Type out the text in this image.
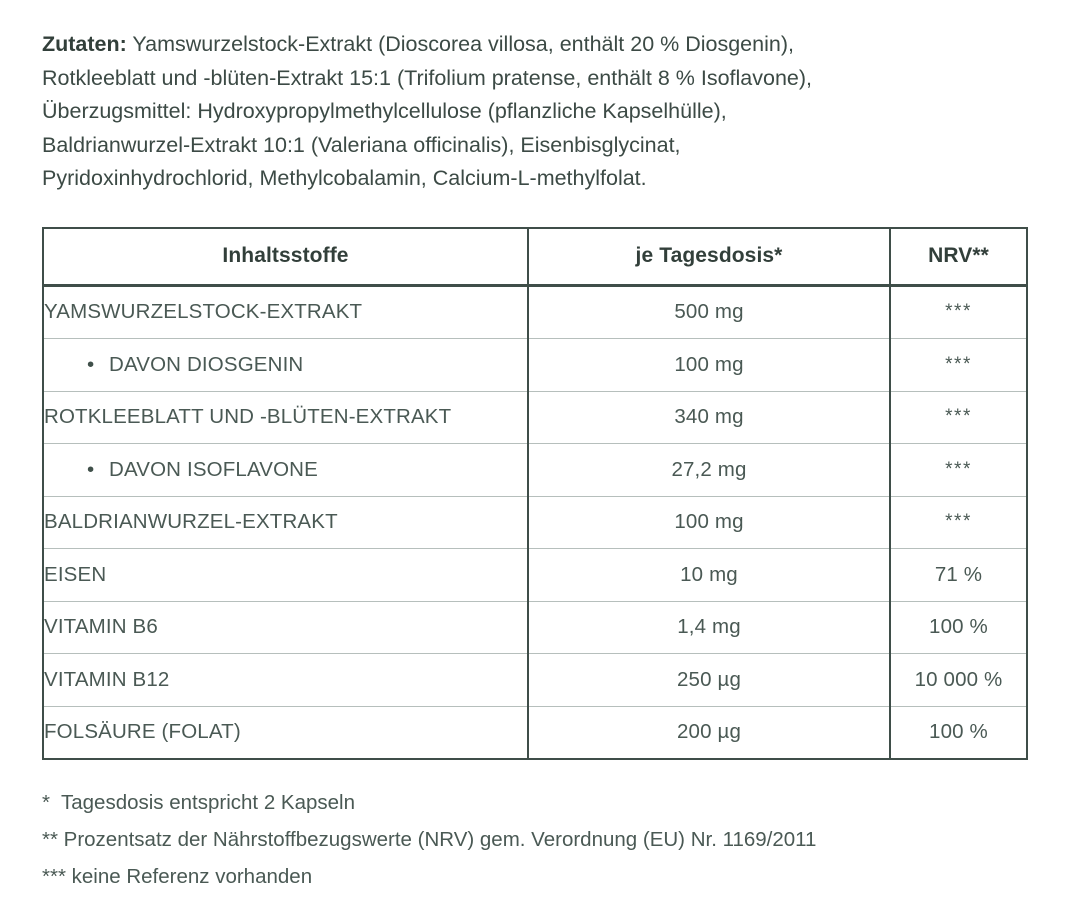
Zutaten: Yamswurzelstock-Extrakt (Dioscorea villosa, enthält 20 % Diosgenin),
Rotkleeblatt und -blüten-Extrakt 15:1 (Trifolium pratense, enthält 8 % Isoflavone),
Überzugsmittel: Hydroxypropylmethylcellulose (pflanzliche Kapselhülle),
Baldrianwurzel-Extrakt 10:1 (Valeriana officinalis), Eisenbisglycinat,
Pyridoxinhydrochlorid, Methylcobalamin, Calcium-L-methylfolat.

Inhaltsstoffe	je Tagesdosis*	NRV**
YAMSWURZELSTOCK-EXTRAKT	500 mg	***
• DAVON DIOSGENIN	100 mg	***
ROTKLEEBLATT UND -BLÜTEN-EXTRAKT	340 mg	***
• DAVON ISOFLAVONE	27,2 mg	***
BALDRIANWURZEL-EXTRAKT	100 mg	***
EISEN	10 mg	71 %
VITAMIN B6	1,4 mg	100 %
VITAMIN B12	250 µg	10 000 %
FOLSÄURE (FOLAT)	200 µg	100 %
*  Tagesdosis entspricht 2 Kapseln
** Prozentsatz der Nährstoffbezugswerte (NRV) gem. Verordnung (EU) Nr. 1169/2011
*** keine Referenz vorhanden
